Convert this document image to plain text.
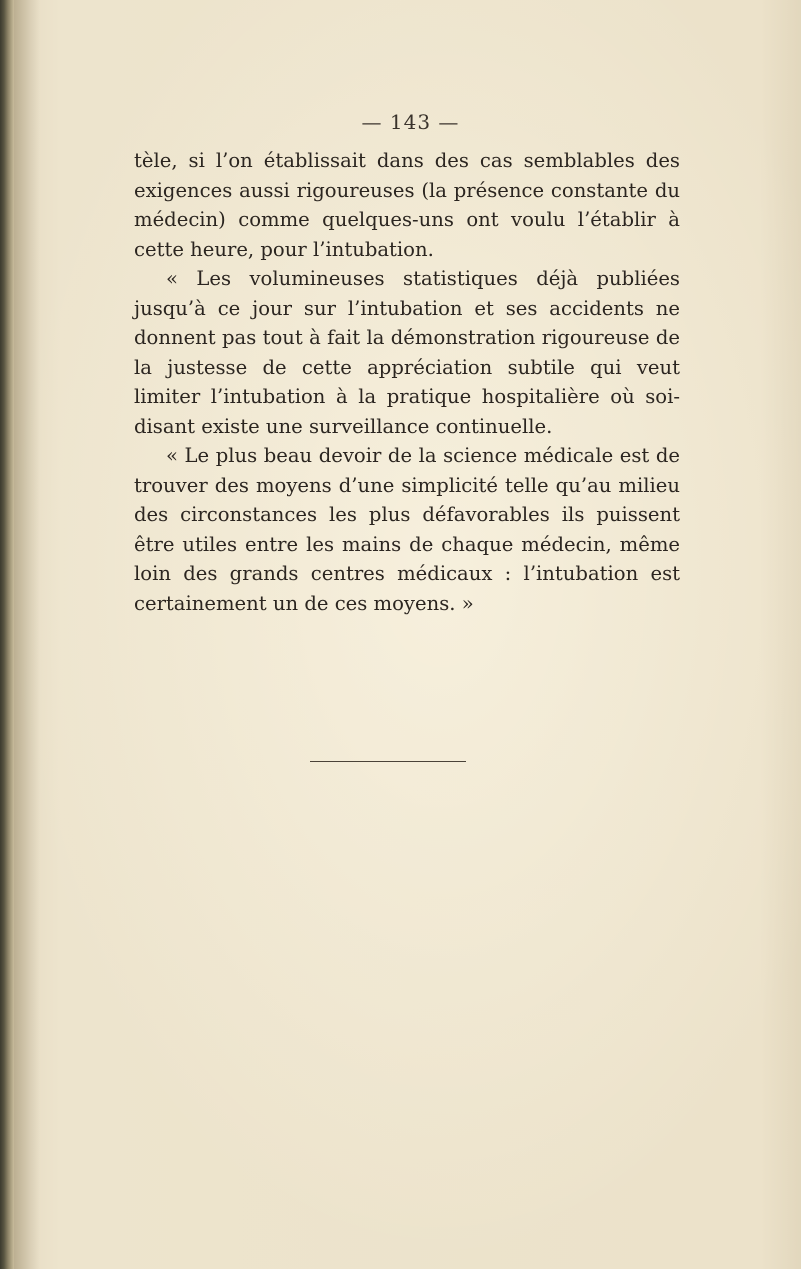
— 143 —

tèle, si l’on établissait dans des cas semblables des exigences aussi rigoureuses (la présence constante du médecin) comme quelques-uns ont voulu l’établir à cette heure, pour l’intubation.

« Les volumineuses statistiques déjà publiées jusqu’à ce jour sur l’intubation et ses accidents ne donnent pas tout à fait la démonstration rigoureuse de la justesse de cette appréciation subtile qui veut limiter l’intubation à la pratique hospitalière où soi-disant existe une surveillance continuelle.

« Le plus beau devoir de la science médicale est de trouver des moyens d’une simplicité telle qu’au milieu des circonstances les plus défavorables ils puissent être utiles entre les mains de chaque médecin, même loin des grands centres médicaux : l’intubation est certainement un de ces moyens. »
